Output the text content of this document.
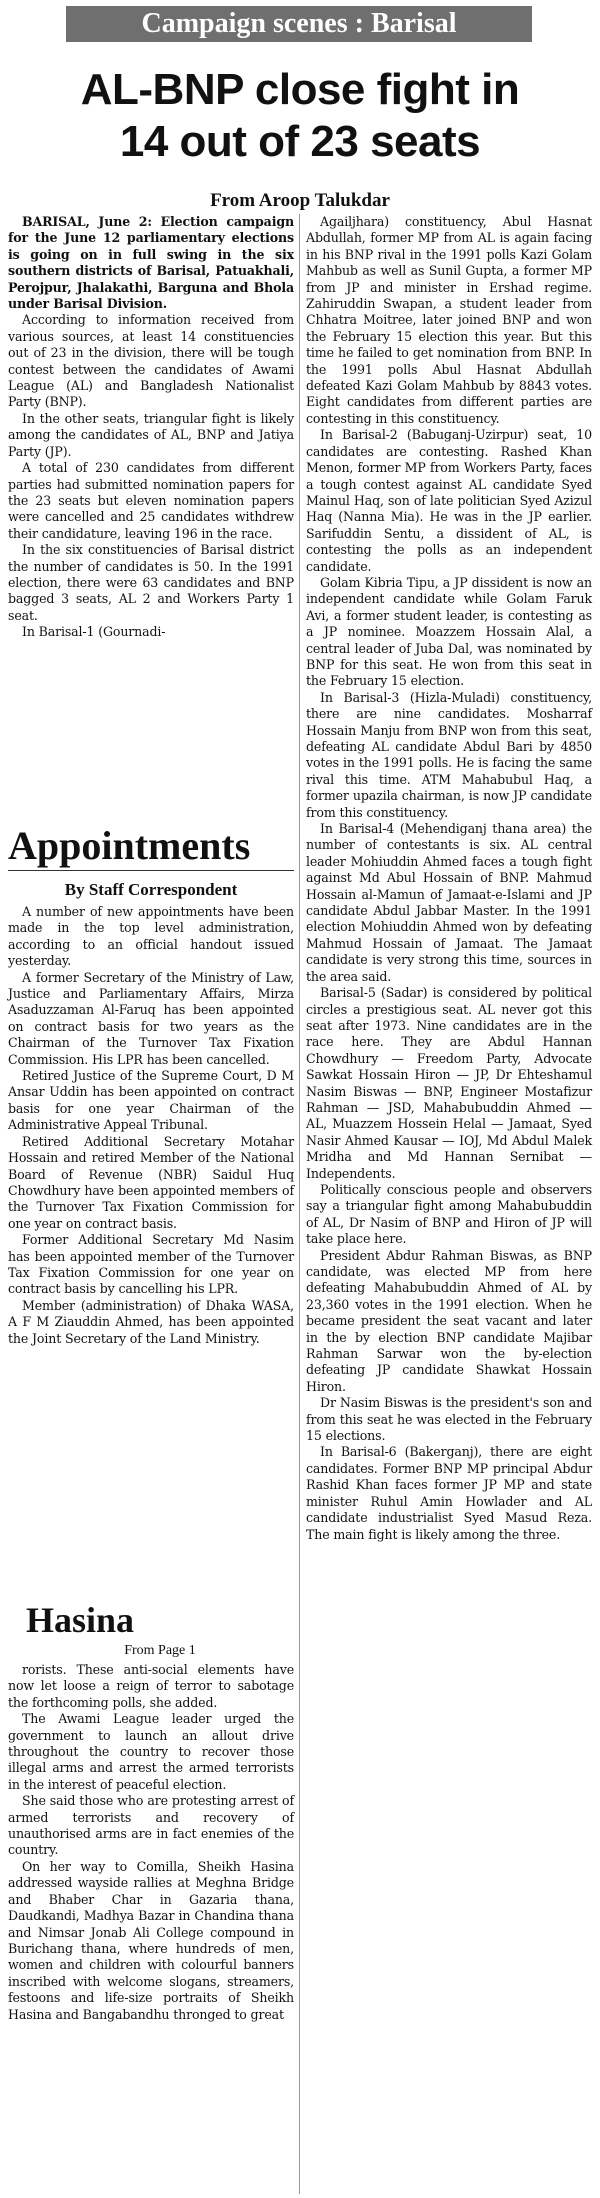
Campaign scenes : Barisal
AL-BNP close fight in
14 out of 23 seats
From Aroop Talukdar

BARISAL, June 2: Election campaign for the June 12 parliamentary elections is going on in full swing in the six southern districts of Barisal, Patuakhali, Perojpur, Jhalakathi, Barguna and Bhola under Barisal Division.

According to information received from various sources, at least 14 constituencies out of 23 in the division, there will be tough contest between the candidates of Awami League (AL) and Bangladesh Nationalist Party (BNP).

In the other seats, triangular fight is likely among the candidates of AL, BNP and Jatiya Party (JP).

A total of 230 candidates from different parties had submitted nomination papers for the 23 seats but eleven nomination papers were cancelled and 25 candidates withdrew their candidature, leaving 196 in the race.

In the six constituencies of Barisal district the number of candidates is 50. In the 1991 election, there were 63 candidates and BNP bagged 3 seats, AL 2 and Workers Party 1 seat.

In Barisal-1 (Gournadi-

Appointments
By Staff Correspondent

A number of new appointments have been made in the top level administration, according to an official handout issued yesterday.

A former Secretary of the Ministry of Law, Justice and Parliamentary Affairs, Mirza Asaduzzaman Al-Faruq has been appointed on contract basis for two years as the Chairman of the Turnover Tax Fixation Commission. His LPR has been cancelled.

Retired Justice of the Supreme Court, D M Ansar Uddin has been appointed on contract basis for one year Chairman of the Administrative Appeal Tribunal.

Retired Additional Secretary Motahar Hossain and retired Member of the National Board of Revenue (NBR) Saidul Huq Chowdhury have been appointed members of the Turnover Tax Fixation Commission for one year on contract basis.

Former Additional Secretary Md Nasim has been appointed member of the Turnover Tax Fixation Commission for one year on contract basis by cancelling his LPR.

Member (administration) of Dhaka WASA, A F M Ziauddin Ahmed, has been appointed the Joint Secretary of the Land Ministry.

Hasina
From Page 1

rorists. These anti-social elements have now let loose a reign of terror to sabotage the forthcoming polls, she added.

The Awami League leader urged the government to launch an allout drive throughout the country to recover those illegal arms and arrest the armed terrorists in the interest of peaceful election.

She said those who are protesting arrest of armed terrorists and recovery of unauthorised arms are in fact enemies of the country.

On her way to Comilla, Sheikh Hasina addressed wayside rallies at Meghna Bridge and Bhaber Char in Gazaria thana, Daudkandi, Madhya Bazar in Chandina thana and Nimsar Jonab Ali College compound in Burichang thana, where hundreds of men, women and children with colourful banners inscribed with welcome slogans, streamers, festoons and life-size portraits of Sheikh Hasina and Bangabandhu thronged to great

Agailjhara) constituency, Abul Hasnat Abdullah, former MP from AL is again facing in his BNP rival in the 1991 polls Kazi Golam Mahbub as well as Sunil Gupta, a former MP from JP and minister in Ershad regime. Zahiruddin Swapan, a student leader from Chhatra Moitree, later joined BNP and won the February 15 election this year. But this time he failed to get nomination from BNP. In the 1991 polls Abul Hasnat Abdullah defeated Kazi Golam Mahbub by 8843 votes. Eight candidates from different parties are contesting in this constituency.

In Barisal-2 (Babuganj-Uzirpur) seat, 10 candidates are contesting. Rashed Khan Menon, former MP from Workers Party, faces a tough contest against AL candidate Syed Mainul Haq, son of late politician Syed Azizul Haq (Nanna Mia). He was in the JP earlier. Sarifuddin Sentu, a dissident of AL, is contesting the polls as an independent candidate.

Golam Kibria Tipu, a JP dissident is now an independent candidate while Golam Faruk Avi, a former student leader, is contesting as a JP nominee. Moazzem Hossain Alal, a central leader of Juba Dal, was nominated by BNP for this seat. He won from this seat in the February 15 election.

In Barisal-3 (Hizla-Muladi) constituency, there are nine candidates. Mosharraf Hossain Manju from BNP won from this seat, defeating AL candidate Abdul Bari by 4850 votes in the 1991 polls. He is facing the same rival this time. ATM Mahabubul Haq, a former upazila chairman, is now JP candidate from this constituency.

In Barisal-4 (Mehendiganj thana area) the number of contestants is six. AL central leader Mohiuddin Ahmed faces a tough fight against Md Abul Hossain of BNP. Mahmud Hossain al-Mamun of Jamaat-e-Islami and JP candidate Abdul Jabbar Master. In the 1991 election Mohiuddin Ahmed won by defeating Mahmud Hossain of Jamaat. The Jamaat candidate is very strong this time, sources in the area said.

Barisal-5 (Sadar) is considered by political circles a prestigious seat. AL never got this seat after 1973. Nine candidates are in the race here. They are Abdul Hannan Chowdhury — Freedom Party, Advocate Sawkat Hossain Hiron — JP, Dr Ehteshamul Nasim Biswas — BNP, Engineer Mostafizur Rahman — JSD, Mahabubuddin Ahmed — AL, Muazzem Hossein Helal — Jamaat, Syed Nasir Ahmed Kausar — IOJ, Md Abdul Malek Mridha and Md Hannan Sernibat — Independents.

Politically conscious people and observers say a triangular fight among Mahabubuddin of AL, Dr Nasim of BNP and Hiron of JP will take place here.

President Abdur Rahman Biswas, as BNP candidate, was elected MP from here defeating Mahabubuddin Ahmed of AL by 23,360 votes in the 1991 election. When he became president the seat vacant and later in the by election BNP candidate Majibar Rahman Sarwar won the by-election defeating JP candidate Shawkat Hossain Hiron.

Dr Nasim Biswas is the president's son and from this seat he was elected in the February 15 elections.

In Barisal-6 (Bakerganj), there are eight candidates. Former BNP MP principal Abdur Rashid Khan faces former JP MP and state minister Ruhul Amin Howlader and AL candidate industrialist Syed Masud Reza. The main fight is likely among the three.
